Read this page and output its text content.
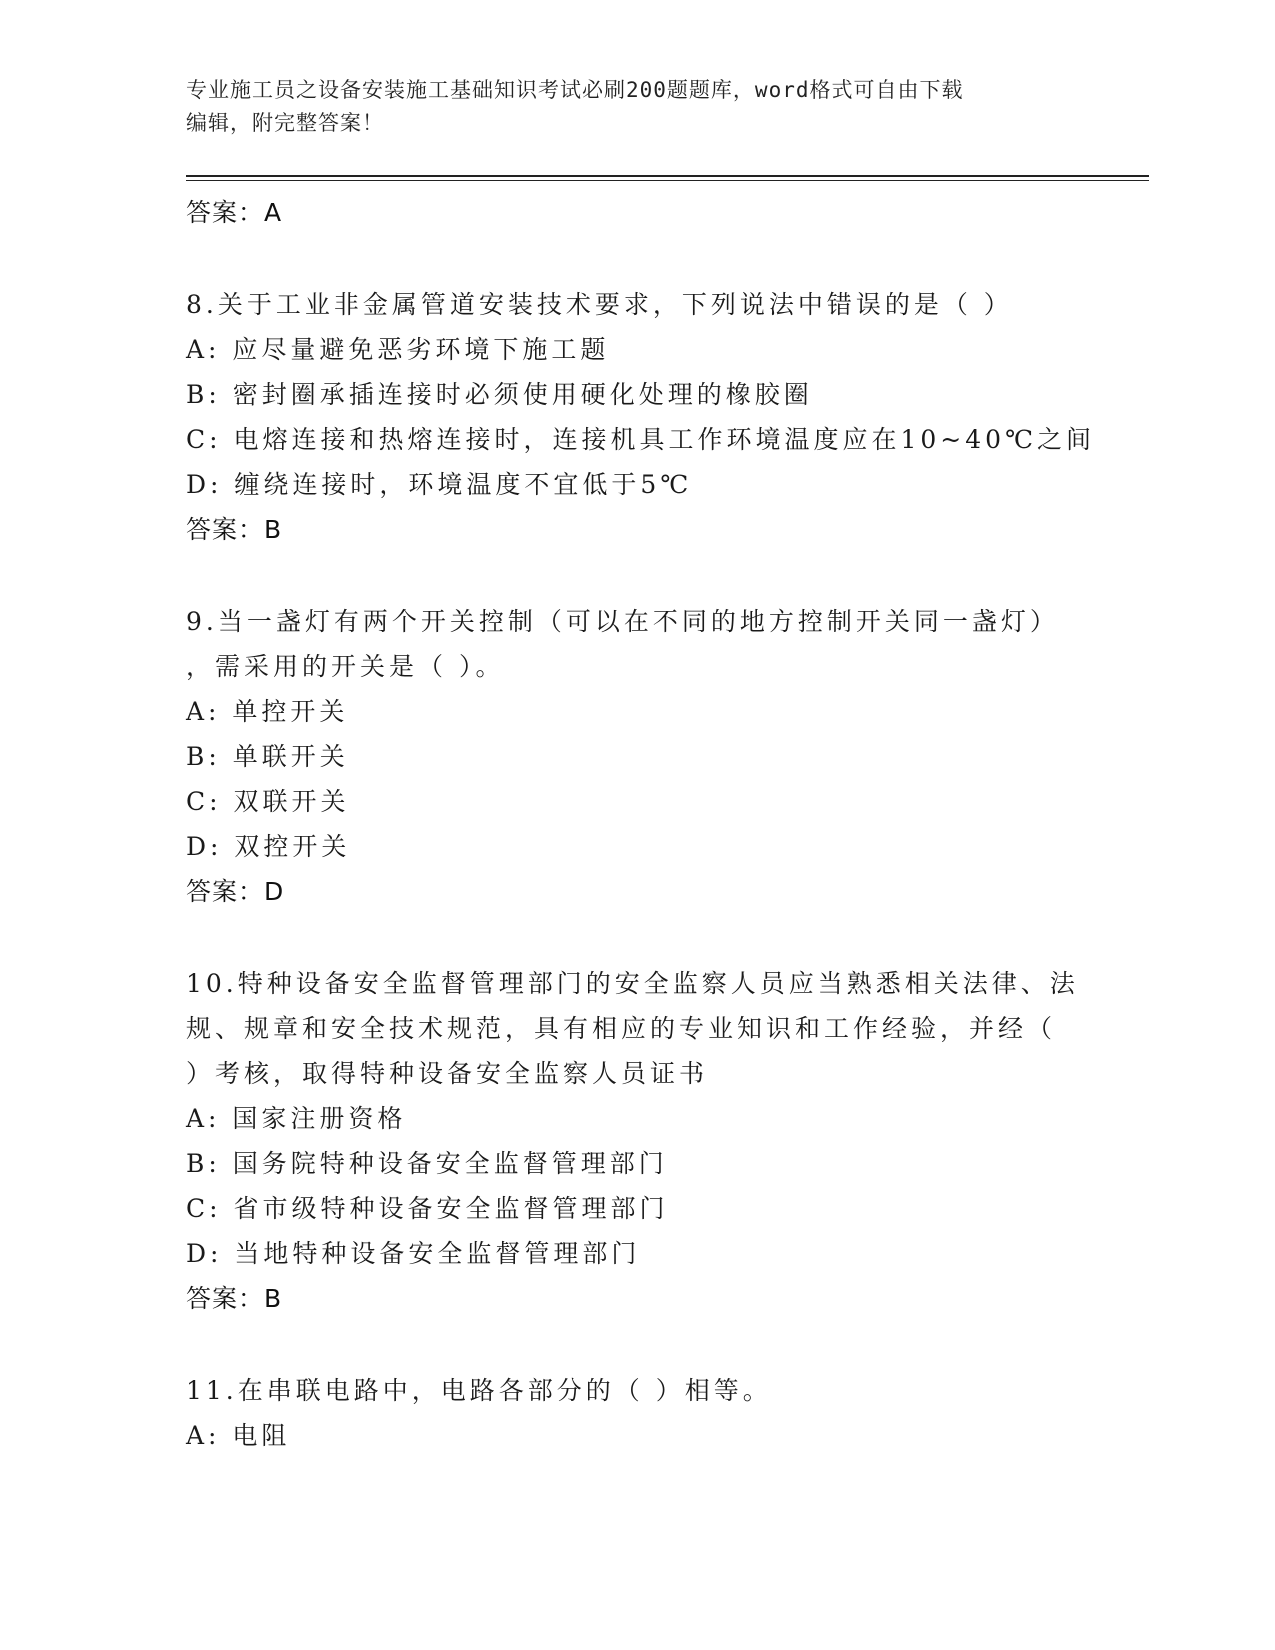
专业施工员之设备安装施工基础知识考试必刷200题题库，word格式可自由下载
编辑，附完整答案！
答案：A
8.关于工业非金属管道安装技术要求，下列说法中错误的是（ ）
A: 应尽量避免恶劣环境下施工题
B: 密封圈承插连接时必须使用硬化处理的橡胶圈
C: 电熔连接和热熔连接时，连接机具工作环境温度应在10~40℃之间
D: 缠绕连接时，环境温度不宜低于5℃
答案：B
9.当一盏灯有两个开关控制（可以在不同的地方控制开关同一盏灯）
，需采用的开关是（ ）。
A: 单控开关
B: 单联开关
C: 双联开关
D: 双控开关
答案：D
10.特种设备安全监督管理部门的安全监察人员应当熟悉相关法律、法
规、规章和安全技术规范，具有相应的专业知识和工作经验，并经（
）考核，取得特种设备安全监察人员证书
A: 国家注册资格
B: 国务院特种设备安全监督管理部门
C: 省市级特种设备安全监督管理部门
D: 当地特种设备安全监督管理部门
答案：B
11.在串联电路中，电路各部分的（ ）相等。
A: 电阻
